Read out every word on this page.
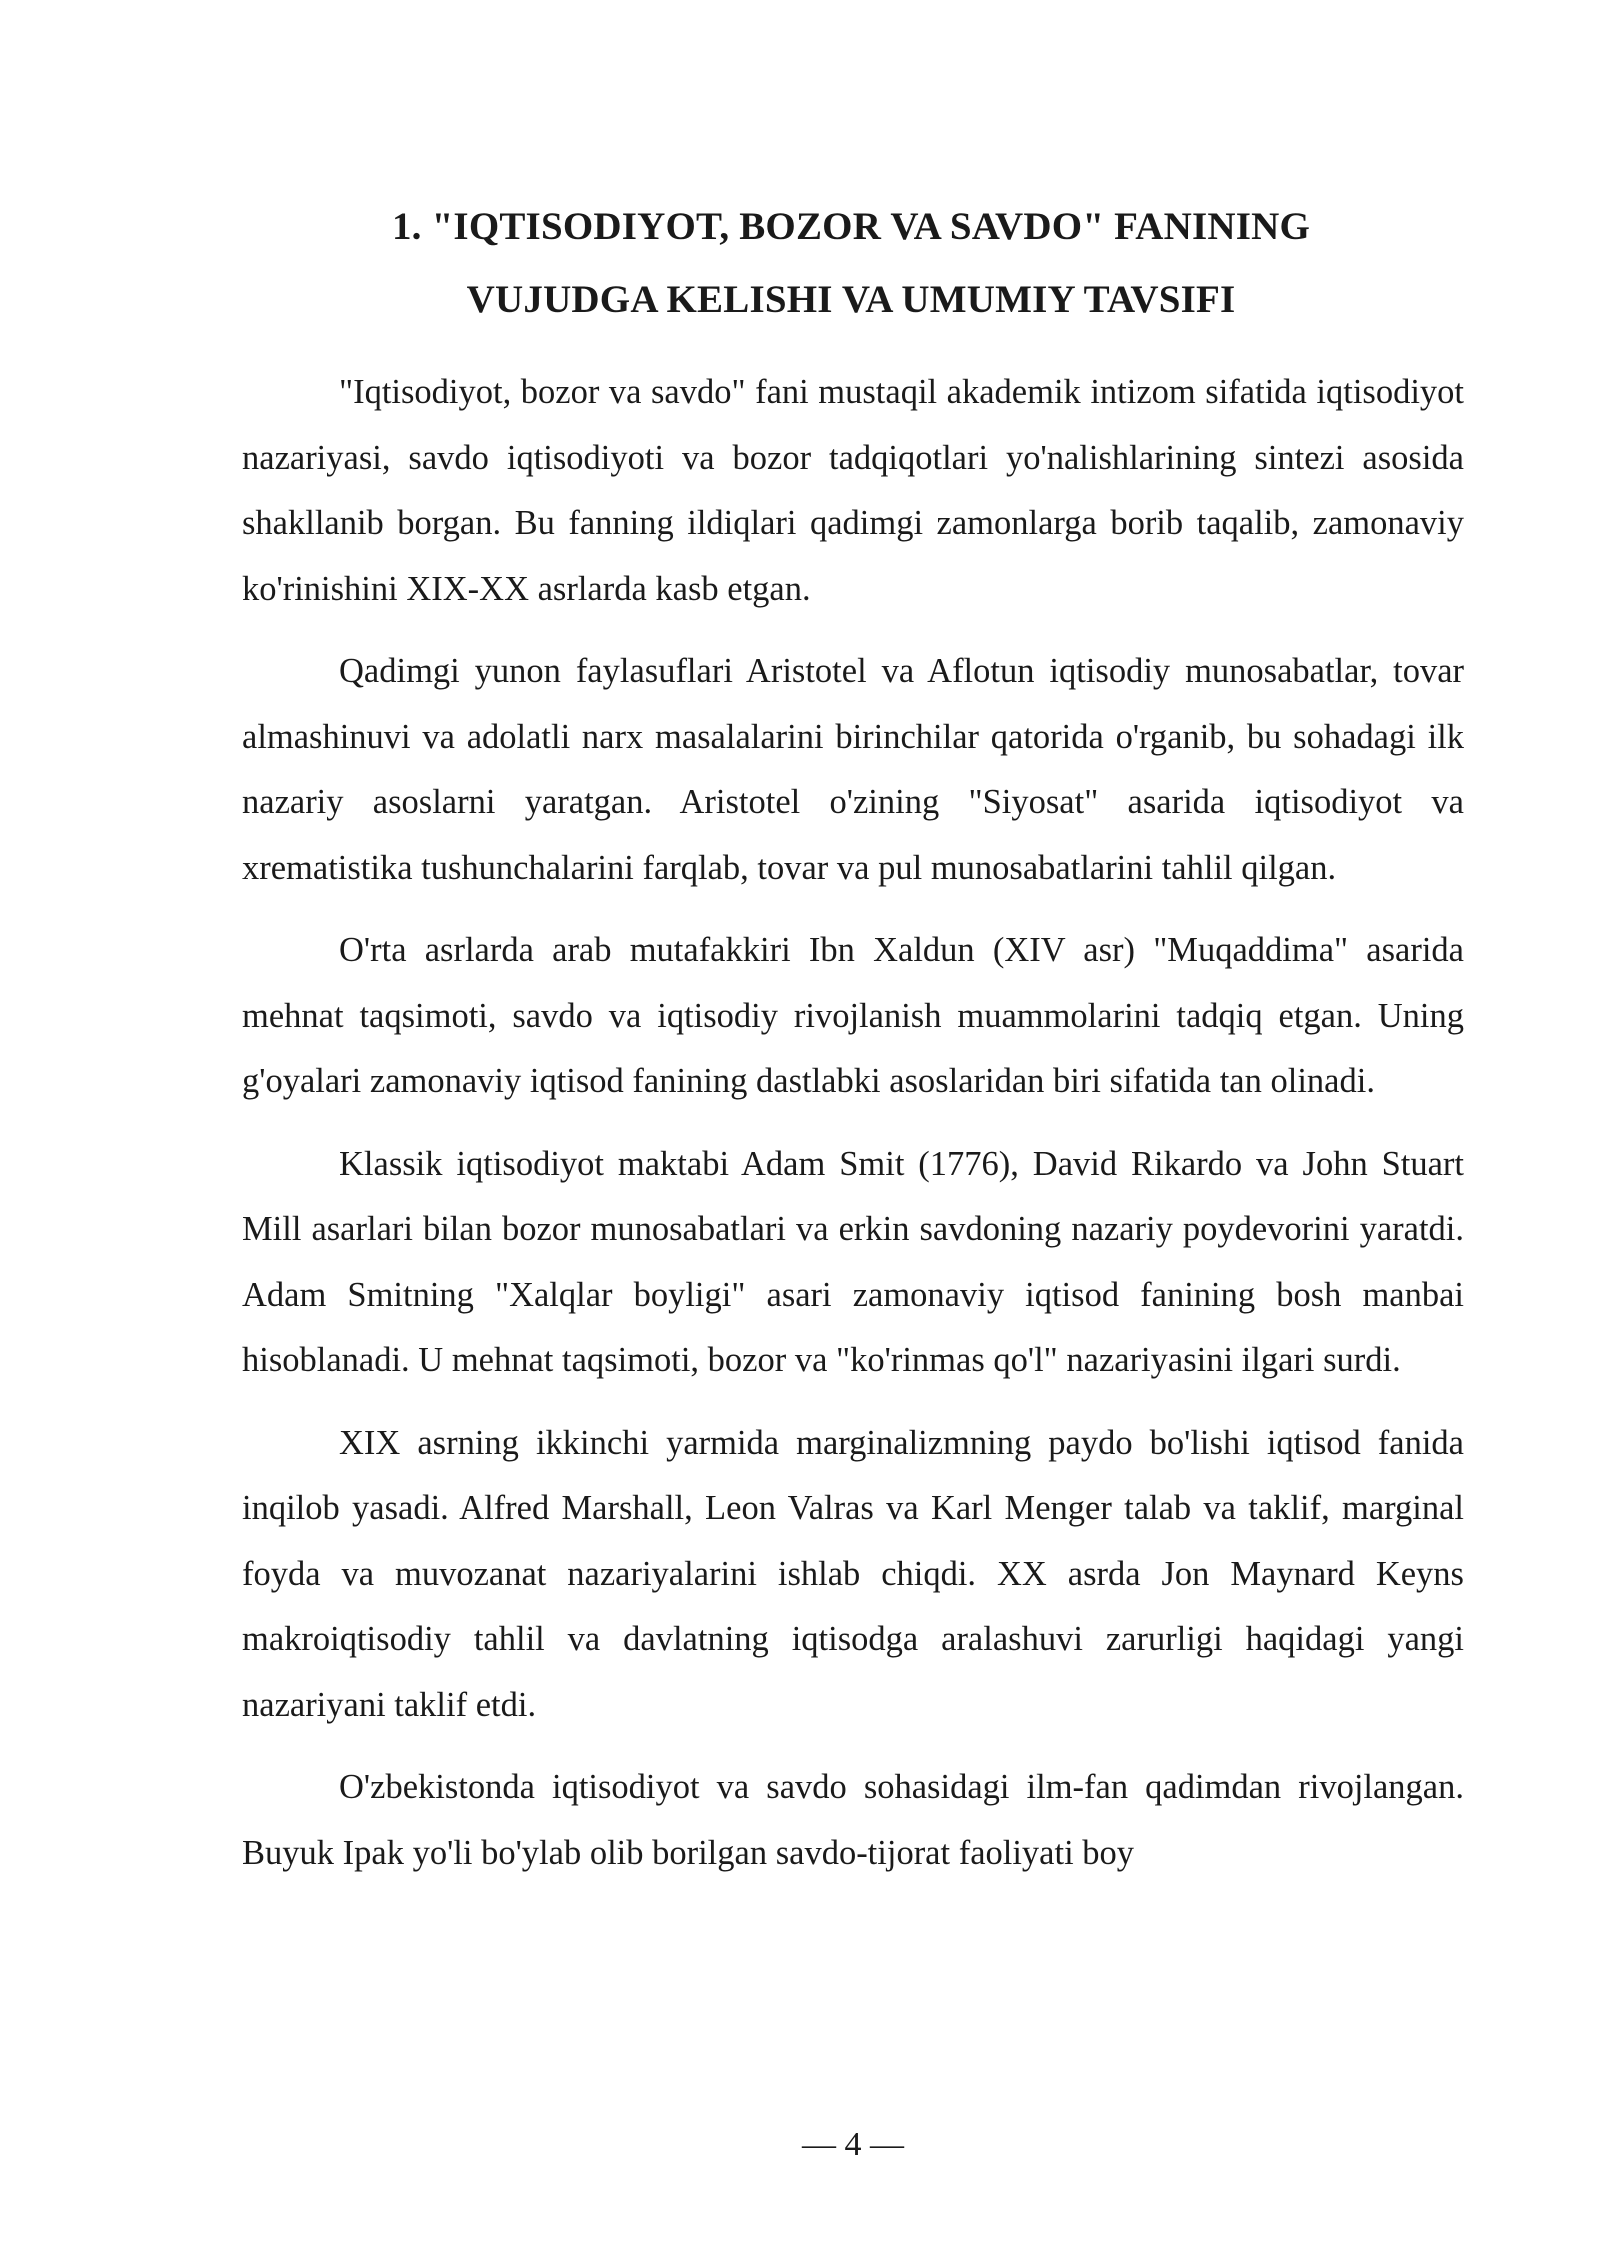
1. "IQTISODIYOT, BOZOR VA SAVDO" FANINING
VUJUDGA KELISHI VA UMUMIY TAVSIFI

"Iqtisodiyot, bozor va savdo" fani mustaqil akademik intizom sifatida iqtisodiyot nazariyasi, savdo iqtisodiyoti va bozor tadqiqotlari yo'nalishlarining sintezi asosida shakllanib borgan. Bu fanning ildiqlari qadimgi zamonlarga borib taqalib, zamonaviy ko'rinishini XIX-XX asrlarda kasb etgan.

Qadimgi yunon faylasuflari Aristotel va Aflotun iqtisodiy munosabatlar, tovar almashinuvi va adolatli narx masalalarini birinchilar qatorida o'rganib, bu sohadagi ilk nazariy asoslarni yaratgan. Aristotel o'zining "Siyosat" asarida iqtisodiyot va xrematistika tushunchalarini farqlab, tovar va pul munosabatlarini tahlil qilgan.

O'rta asrlarda arab mutafakkiri Ibn Xaldun (XIV asr) "Muqaddima" asarida mehnat taqsimoti, savdo va iqtisodiy rivojlanish muammolarini tadqiq etgan. Uning g'oyalari zamonaviy iqtisod fanining dastlabki asoslaridan biri sifatida tan olinadi.

Klassik iqtisodiyot maktabi Adam Smit (1776), David Rikardo va John Stuart Mill asarlari bilan bozor munosabatlari va erkin savdoning nazariy poydevorini yaratdi. Adam Smitning "Xalqlar boyligi" asari zamonaviy iqtisod fanining bosh manbai hisoblanadi. U mehnat taqsimoti, bozor va "ko'rinmas qo'l" nazariyasini ilgari surdi.

XIX asrning ikkinchi yarmida marginalizmning paydo bo'lishi iqtisod fanida inqilob yasadi. Alfred Marshall, Leon Valras va Karl Menger talab va taklif, marginal foyda va muvozanat nazariyalarini ishlab chiqdi. XX asrda Jon Maynard Keyns makroiqtisodiy tahlil va davlatning iqtisodga aralashuvi zarurligi haqidagi yangi nazariyani taklif etdi.

O'zbekistonda iqtisodiyot va savdo sohasidagi ilm-fan qadimdan rivojlangan. Buyuk Ipak yo'li bo'ylab olib borilgan savdo-tijorat faoliyati boy

— 4 —
